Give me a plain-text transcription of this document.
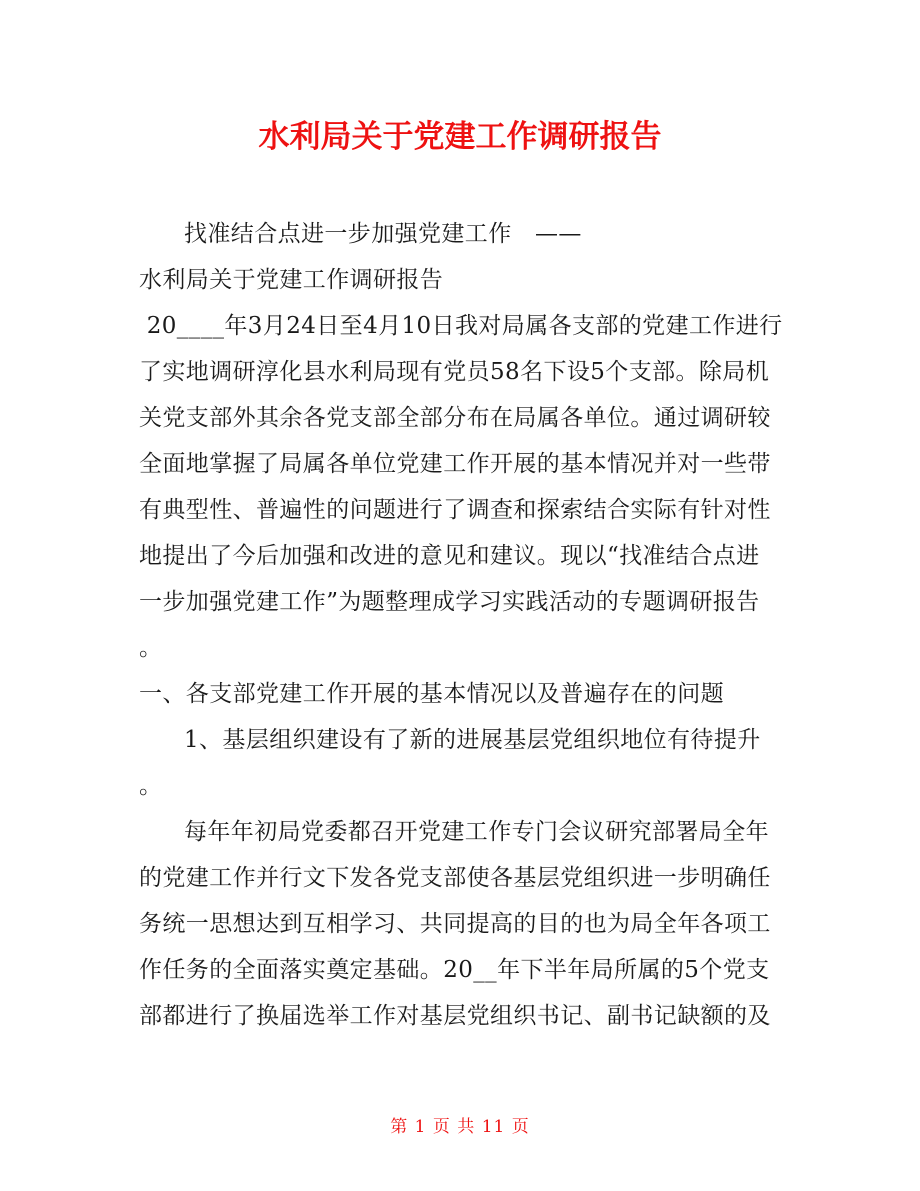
水利局关于党建工作调研报告
找准结合点进一步加强党建工作　——
水利局关于党建工作调研报告
20____年3月24日至4月10日我对局属各支部的党建工作进行
了实地调研淳化县水利局现有党员58名下设5个支部。除局机
关党支部外其余各党支部全部分布在局属各单位。通过调研较
全面地掌握了局属各单位党建工作开展的基本情况并对一些带
有典型性、普遍性的问题进行了调查和探索结合实际有针对性
地提出了今后加强和改进的意见和建议。现以“找准结合点进
一步加强党建工作”为题整理成学习实践活动的专题调研报告
。
一、各支部党建工作开展的基本情况以及普遍存在的问题
1、基层组织建设有了新的进展基层党组织地位有待提升
。
每年年初局党委都召开党建工作专门会议研究部署局全年
的党建工作并行文下发各党支部使各基层党组织进一步明确任
务统一思想达到互相学习、共同提高的目的也为局全年各项工
作任务的全面落实奠定基础。20__年下半年局所属的5个党支
部都进行了换届选举工作对基层党组织书记、副书记缺额的及
第 1 页 共 11 页
